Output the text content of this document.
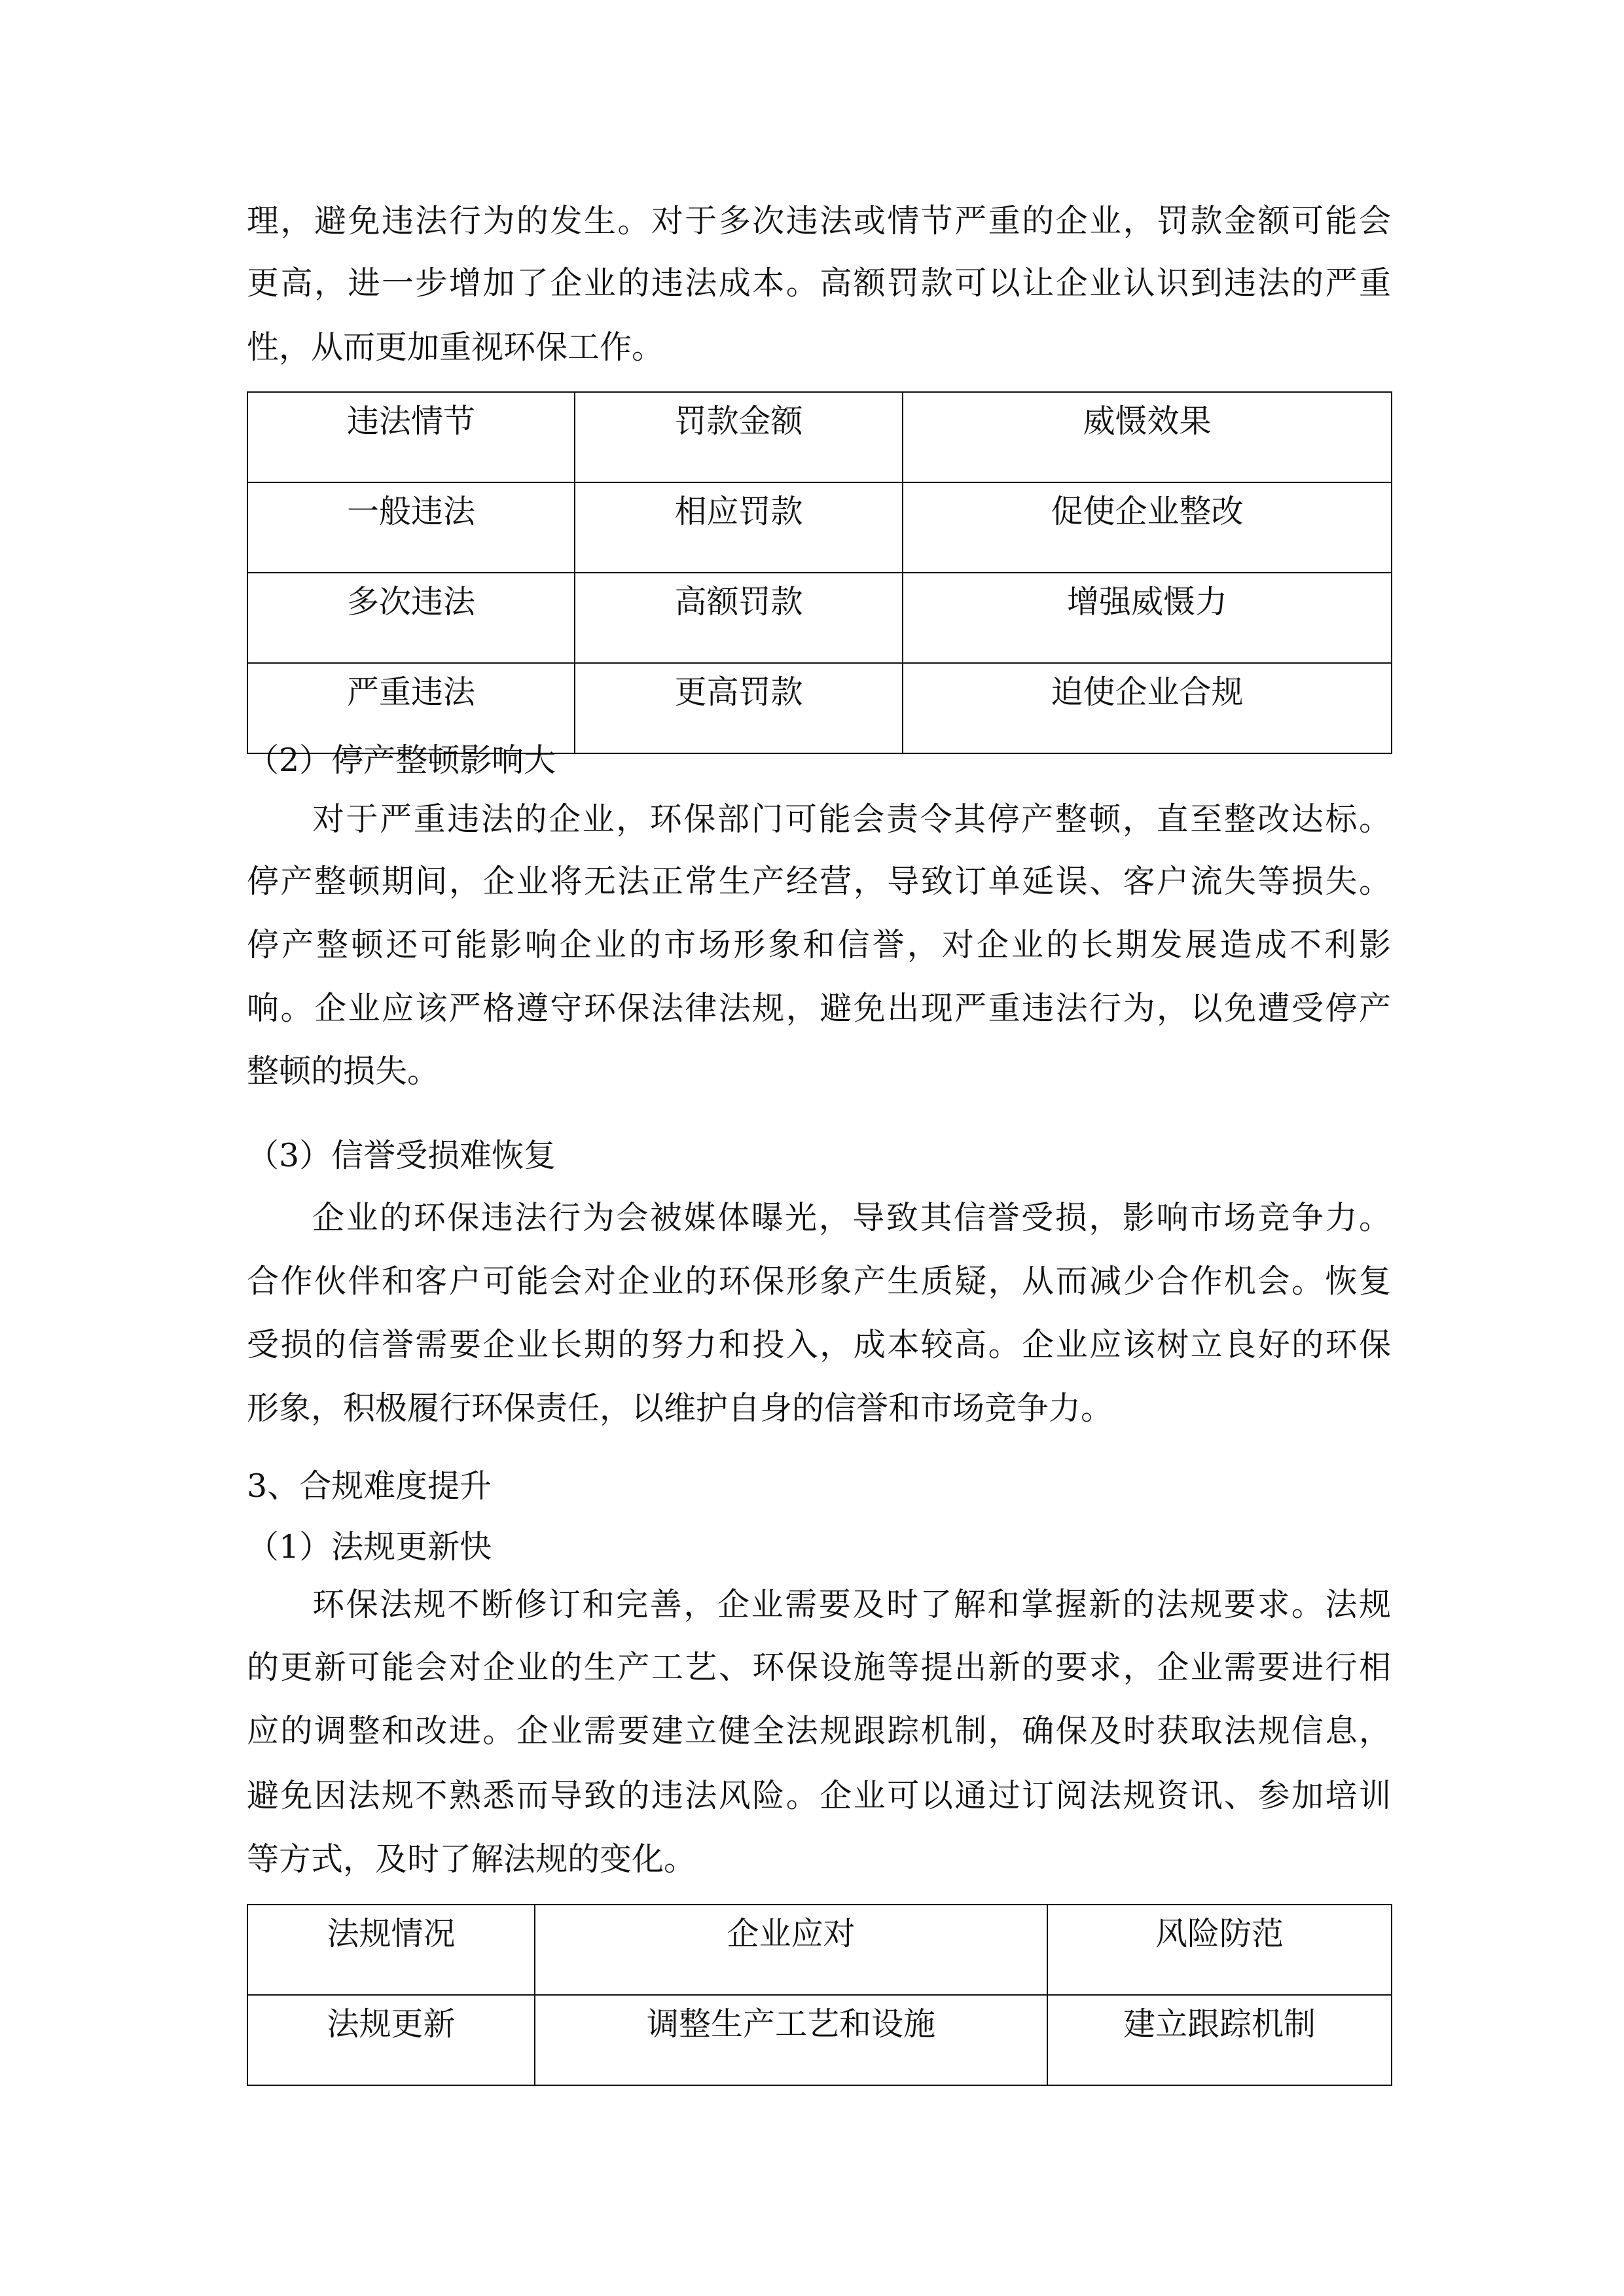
理，避免违法行为的发生。对于多次违法或情节严重的企业，罚款金额可能会
更高，进一步增加了企业的违法成本。高额罚款可以让企业认识到违法的严重
性，从而更加重视环保工作。
违法情节	罚款金额	威慑效果
一般违法	相应罚款	促使企业整改
多次违法	高额罚款	增强威慑力
严重违法	更高罚款	迫使企业合规
（2）停产整顿影响大
对于严重违法的企业，环保部门可能会责令其停产整顿，直至整改达标。
停产整顿期间，企业将无法正常生产经营，导致订单延误、客户流失等损失。
停产整顿还可能影响企业的市场形象和信誉，对企业的长期发展造成不利影
响。企业应该严格遵守环保法律法规，避免出现严重违法行为，以免遭受停产
整顿的损失。
（3）信誉受损难恢复
企业的环保违法行为会被媒体曝光，导致其信誉受损，影响市场竞争力。
合作伙伴和客户可能会对企业的环保形象产生质疑，从而减少合作机会。恢复
受损的信誉需要企业长期的努力和投入，成本较高。企业应该树立良好的环保
形象，积极履行环保责任，以维护自身的信誉和市场竞争力。
3、合规难度提升
（1）法规更新快
环保法规不断修订和完善，企业需要及时了解和掌握新的法规要求。法规
的更新可能会对企业的生产工艺、环保设施等提出新的要求，企业需要进行相
应的调整和改进。企业需要建立健全法规跟踪机制，确保及时获取法规信息，
避免因法规不熟悉而导致的违法风险。企业可以通过订阅法规资讯、参加培训
等方式，及时了解法规的变化。
法规情况	企业应对	风险防范
法规更新	调整生产工艺和设施	建立跟踪机制
